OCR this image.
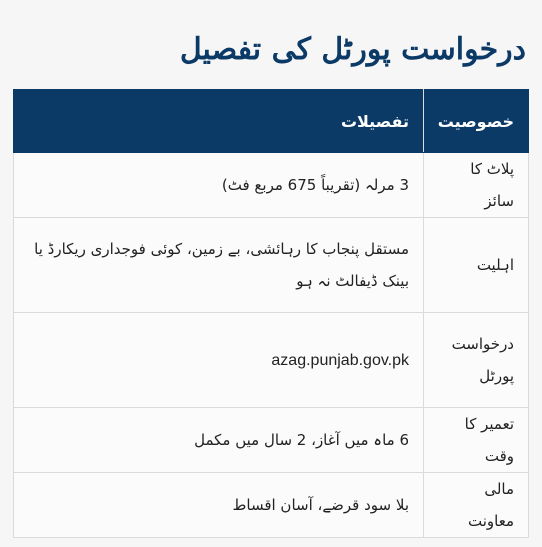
درخواست پورٹل کی تفصیل
خصوصیت	تفصیلات
پلاٹ کا سائز	3 مرلہ (تقریباً 675 مربع فٹ)
اہلیت	مستقل پنجاب کا رہائشی، بے زمین، کوئی فوجداری ریکارڈ یا بینک ڈیفالٹ نہ ہو
درخواست پورٹل	azag.punjab.gov.pk
تعمیر کا وقت	6 ماہ میں آغاز، 2 سال میں مکمل
مالی معاونت	بلا سود قرضے، آسان اقساط
